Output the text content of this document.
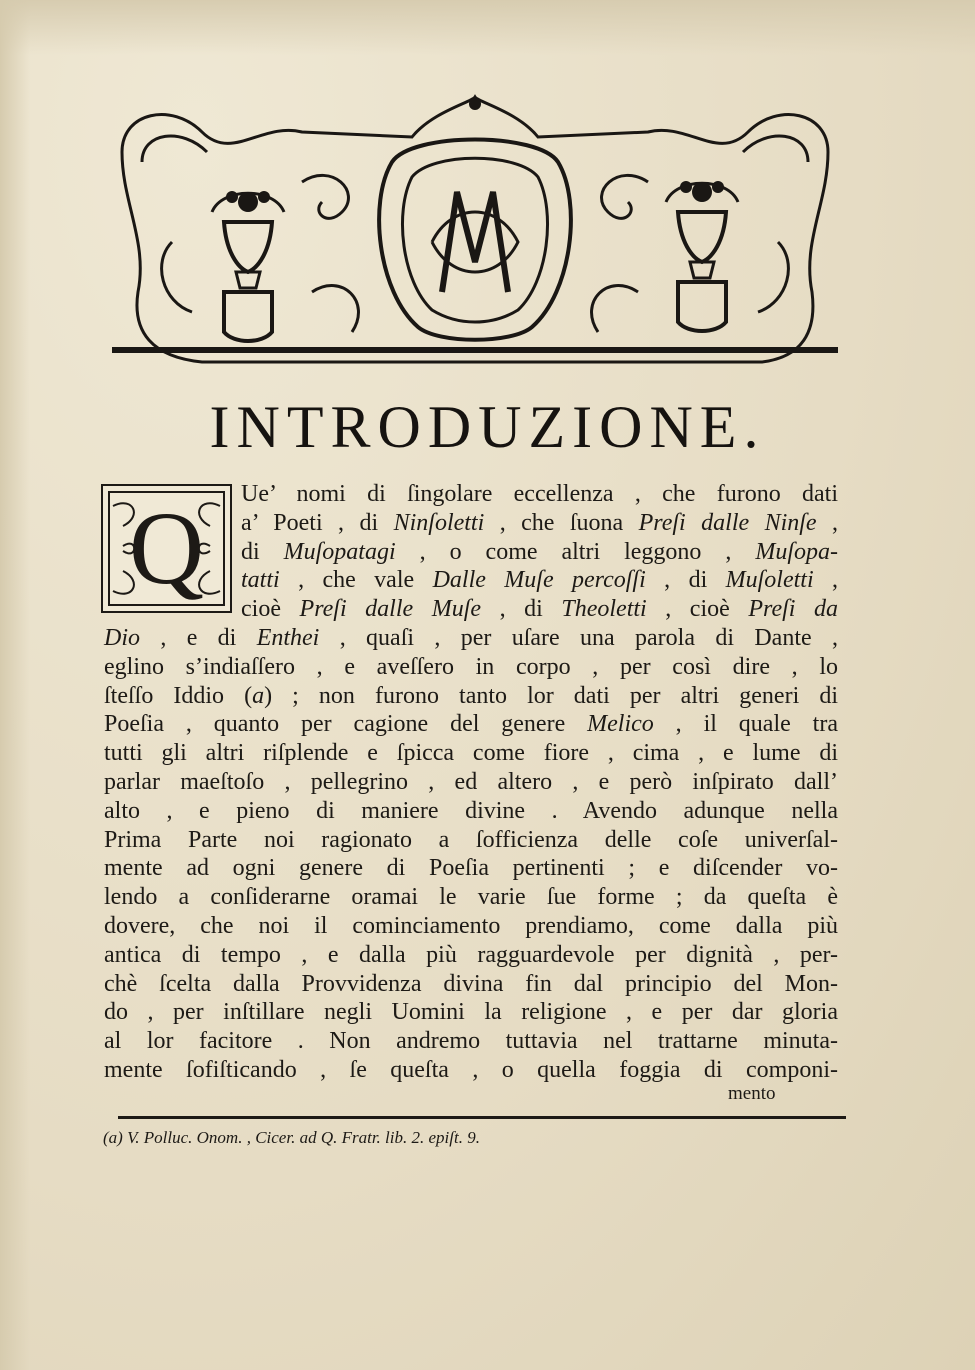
INTRODUZIONE.
Q	Ue’ nomi di ſingolare eccellenza , che furono dati
a’ Poeti , di Ninſoletti , che ſuona Preſi dalle Ninſe ,
di Muſopatagi , o come altri leggono , Muſopa-
tatti , che vale Dalle Muſe percoſſi , di Muſoletti ,
cioè Preſi dalle Muſe , di Theoletti , cioè Preſi da
Dio , e di Enthei , quaſi , per uſare una parola di Dante ,
eglino s’indiaſſero , e aveſſero in corpo , per così dire , lo
ſteſſo Iddio (a) ; non furono tanto lor dati per altri generi di
Poeſia , quanto per cagione del genere Melico , il quale tra
tutti gli altri riſplende e ſpicca come fiore , cima , e lume di
parlar maeſtoſo , pellegrino , ed altero , e però inſpirato dall’
alto , e pieno di maniere divine . Avendo adunque nella
Prima Parte noi ragionato a ſofficienza delle coſe univerſal-
mente ad ogni genere di Poeſia pertinenti ; e diſcender vo-
lendo a conſiderarne oramai le varie ſue forme ; da queſta è
dovere, che noi il cominciamento prendiamo, come dalla più
antica di tempo , e dalla più ragguardevole per dignità , per-
chè ſcelta dalla Provvidenza divina fin dal principio del Mon-
do , per inſtillare negli Uomini la religione , e per dar gloria
al lor facitore . Non andremo tuttavia nel trattarne minuta-
mente ſofiſticando , ſe queſta , o quella foggia di componi-
mento
(a) V. Polluc. Onom. , Cicer. ad Q. Fratr. lib. 2. epiſt. 9.
